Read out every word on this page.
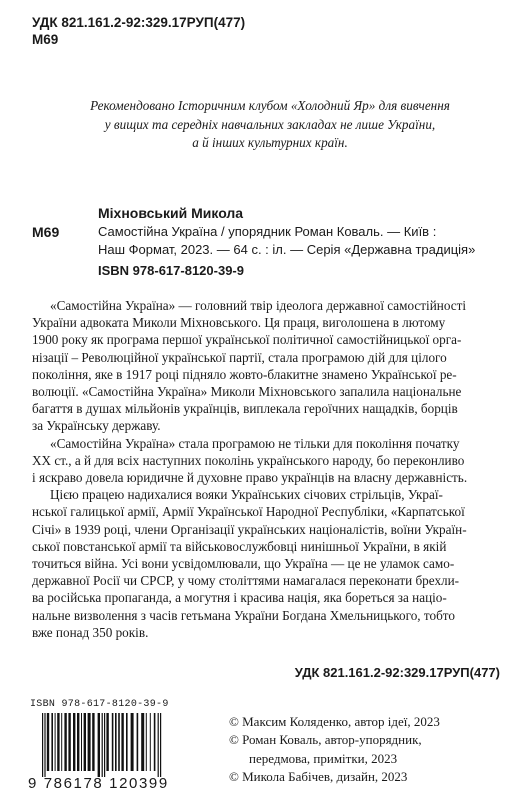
УДК 821.161.2-92:329.17РУП(477)
М69
Рекомендовано Історичним клубом «Холодний Яр» для вивчення
у вищих та середніх навчальних закладах не лише України,
а й інших культурних країн.
М69
Міхновський Микола
Самостійна Україна / упорядник Роман Коваль. — Київ :
Наш Формат, 2023. — 64 с. : іл. — Серія «Державна традиція»
ISBN 978-617-8120-39-9
«Самостійна Україна» — головний твір ідеолога державної самостійності
України адвоката Миколи Міхновського. Ця праця, виголошена в лютому
1900 року як програма першої української політичної самостійницької орга-
нізації – Революційної української партії, стала програмою дій для цілого
покоління, яке в 1917 році підняло жовто-блакитне знамено Української ре-
волюції. «Самостійна Україна» Миколи Міхновського запалила національне
багаття в душах мільйонів українців, виплекала героїчних нащадків, борців
за Українську державу.
«Самостійна Україна» стала програмою не тільки для покоління початку
XX ст., а й для всіх наступних поколінь українського народу, бо переконливо
і яскраво довела юридичне й духовне право українців на власну державність.
Цією працею надихалися вояки Українських січових стрільців, Украї-
нської галицької армії, Армії Української Народної Республіки, «Карпатської
Січі» в 1939 році, члени Організації українських націоналістів, воїни Україн-
ської повстанської армії та військовослужбовці нинішньої України, в якій
точиться війна. Усі вони усвідомлювали, що Україна — це не уламок само-
державної Росії чи СРСР, у чому століттями намагалася переконати брехли-
ва російська пропаганда, а могутня і красива нація, яка бореться за націо-
нальне визволення з часів гетьмана України Богдана Хмельницького, тобто
вже понад 350 років.
УДК 821.161.2-92:329.17РУП(477)
ISBN 978-617-8120-39-9
9 786178 120399
© Максим Коляденко, автор ідеї, 2023
© Роман Коваль, автор-упорядник,
передмова, примітки, 2023
© Микола Бабічев, дизайн, 2023
